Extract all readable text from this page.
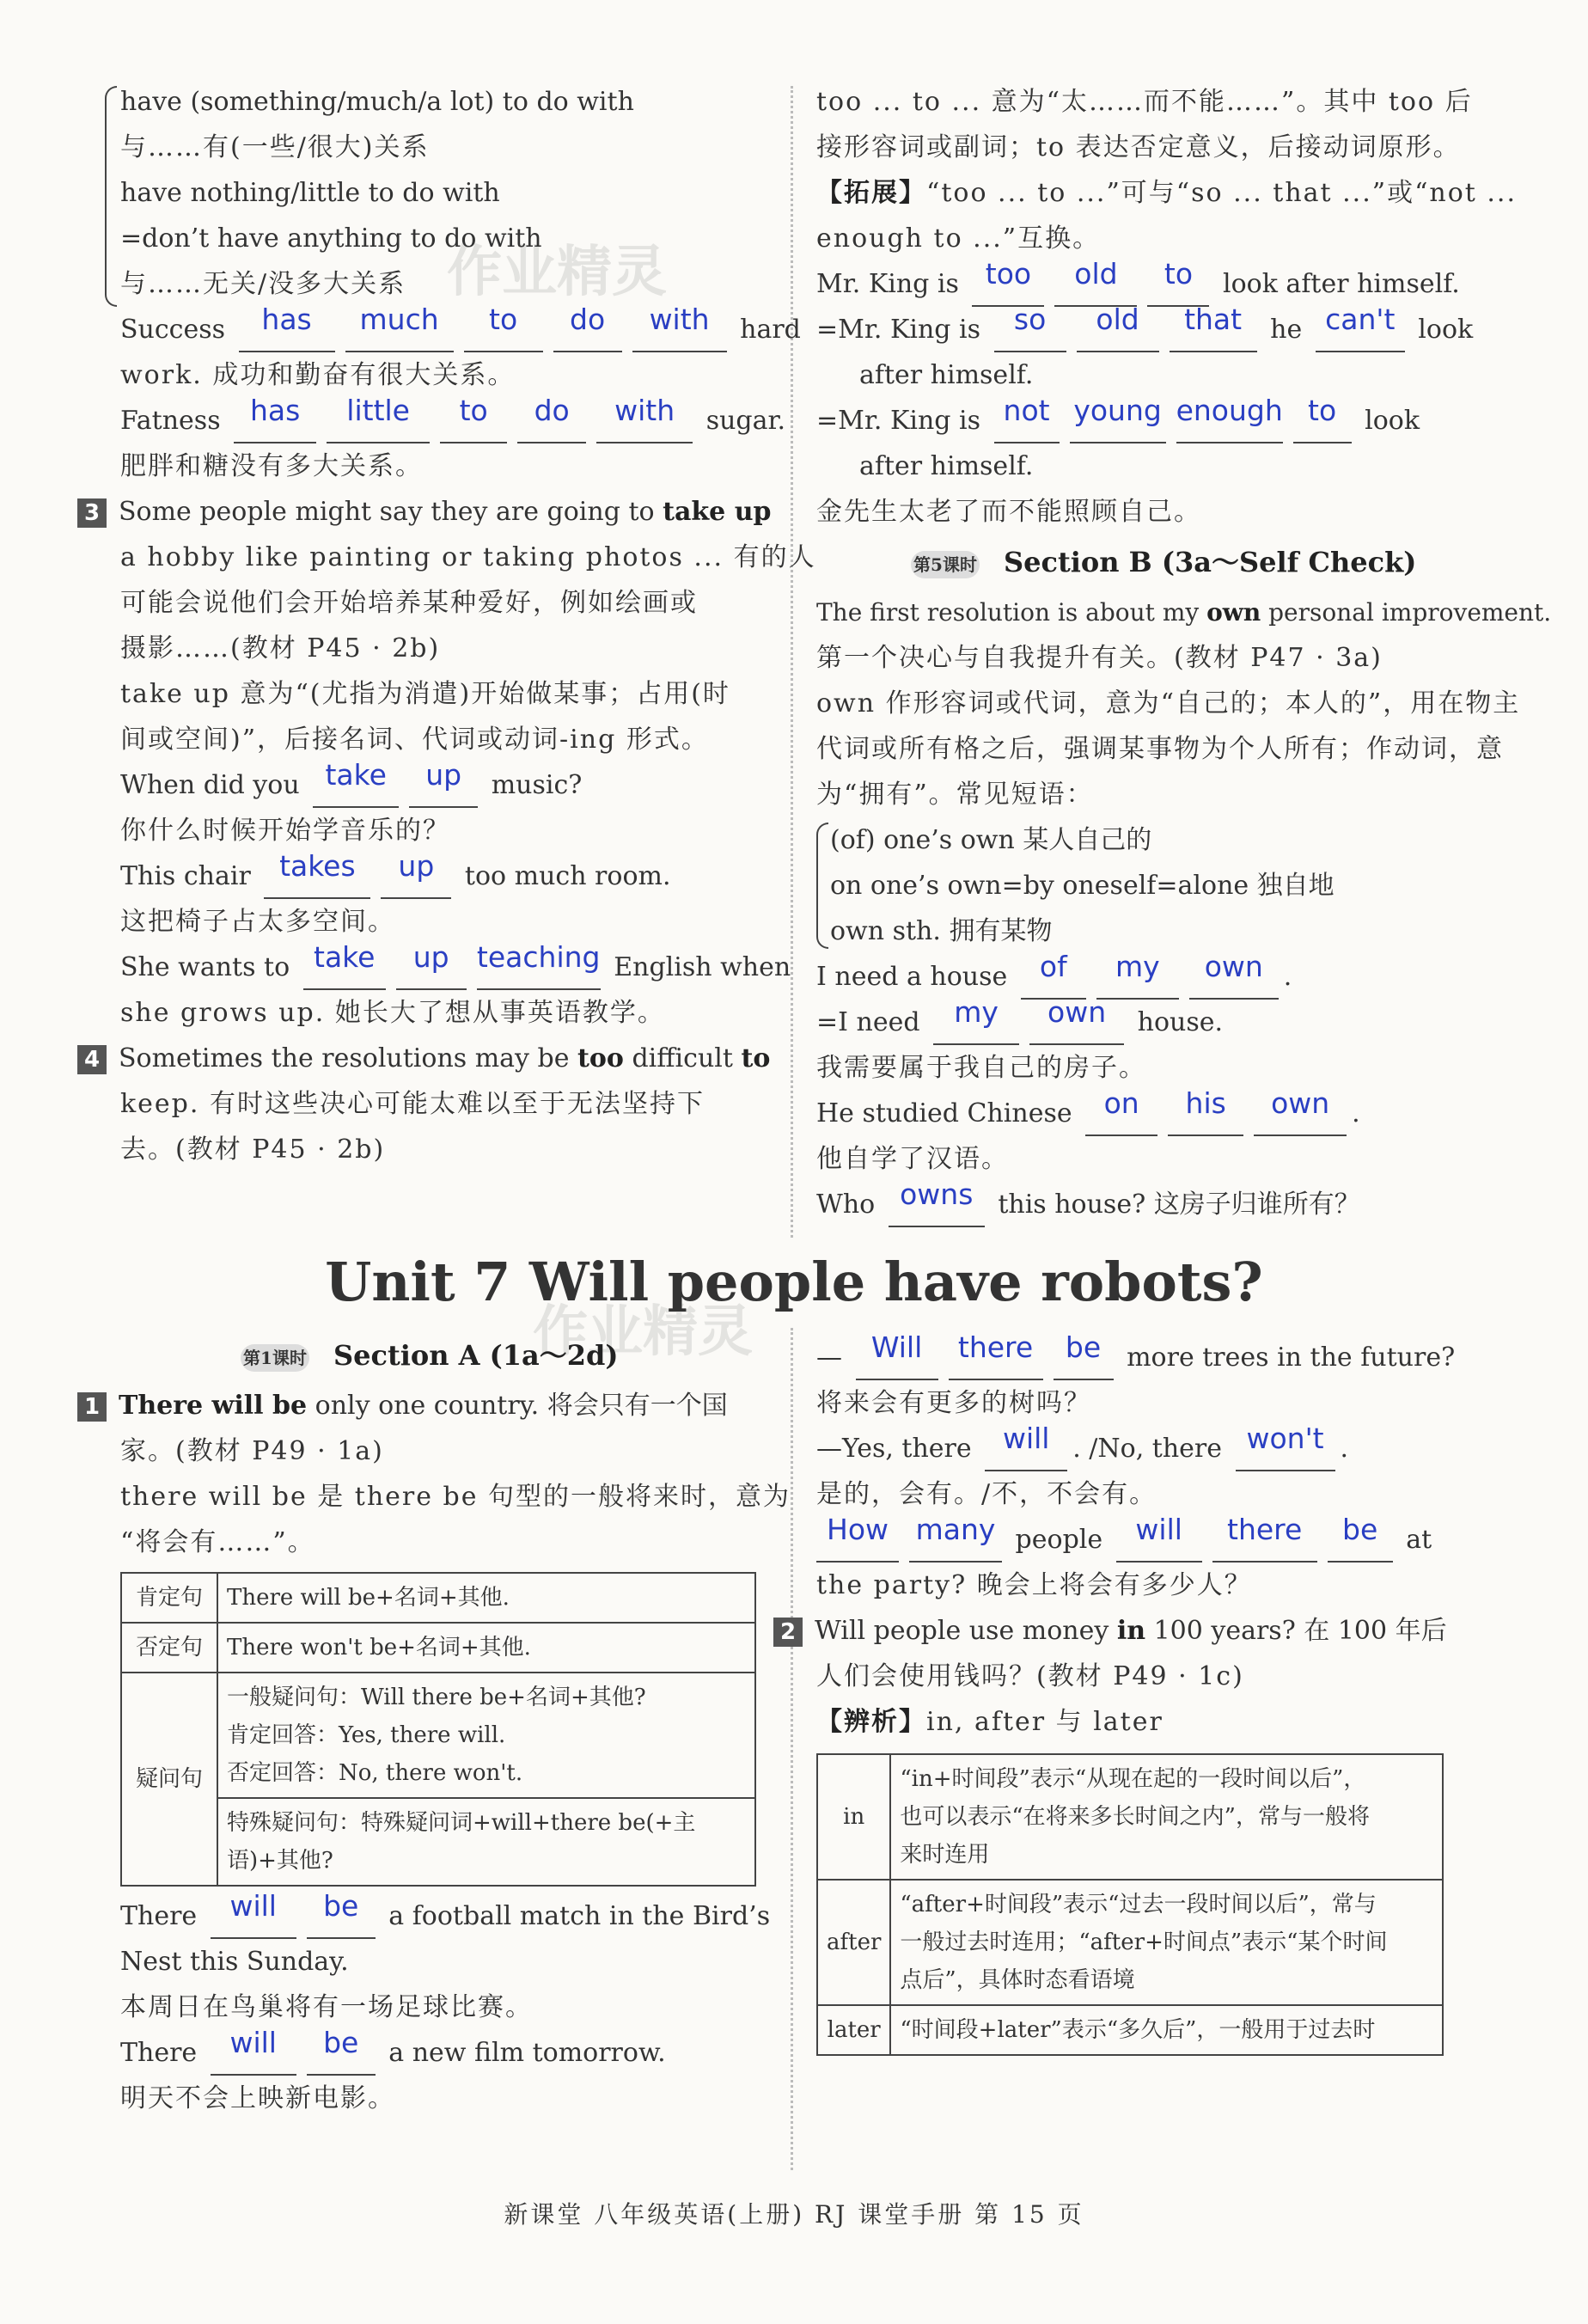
作业精灵
作业精灵
have (something/much/a lot) to do with
与……有(一些/很大)关系
have nothing/little to do with
=don’t have anything to do with
与……无关/没多大关系
Success	has	much	to	do	with	hard
work. 成功和勤奋有很大关系。
Fatness	has	little	to	do	with	sugar.
肥胖和糖没有多大关系。
3 Some people might say they are going to take up
a hobby like painting or taking photos ... 有的人
可能会说他们会开始培养某种爱好，例如绘画或
摄影……(教材 P45 · 2b)
take up 意为“(尤指为消遣)开始做某事；占用(时
间或空间)”，后接名词、代词或动词-ing 形式。
When did you take	up	music?
你什么时候开始学音乐的？
This chair	takes	up	too much room.
这把椅子占太多空间。
She wants to take	up teaching English when
she grows up. 她长大了想从事英语教学。
4 Sometimes the resolutions may be too difficult to
keep. 有时这些决心可能太难以至于无法坚持下
去。(教材 P45 · 2b)
too ... to ... 意为“太……而不能……”。其中 too 后
接形容词或副词；to 表达否定意义，后接动词原形。
【拓展】“too ... to ...”可与“so ... that ...”或“not ...
enough to ...”互换。
Mr. King is too	old	to	look after himself.
=Mr. King is	so	old	that	he can't look
after himself.
=Mr. King is not young enough to	look
after himself.
金先生太老了而不能照顾自己。
第5课时 Section B (3a～Self Check)
The first resolution is about my own personal improvement.
第一个决心与自我提升有关。(教材 P47 · 3a)
own 作形容词或代词，意为“自己的；本人的”，用在物主
代词或所有格之后，强调某事物为个人所有；作动词，意
为“拥有”。常见短语：
(of) one’s own 某人自己的
on one’s own=by oneself=alone 独自地
own sth. 拥有某物
I need a house	of	my	own .
=I need	my	own	house.
我需要属于我自己的房子。
He studied Chinese	on	his	own .
他自学了汉语。
Who owns this house? 这房子归谁所有？
Unit 7 Will people have robots?
第1课时 Section A (1a～2d)
1 There will be only one country. 将会只有一个国
家。(教材 P49 · 1a)
there will be 是 there be 句型的一般将来时，意为
“将会有……”。
肯定句	There will be+名词+其他.
否定句	There won't be+名词+其他.
疑问句	一般疑问句：Will there be+名词+其他?
肯定回答：Yes, there will.
否定回答：No, there won't.

	特殊疑问句：特殊疑问词+will+there be(+主语)+其他?
There	will	be	a football match in the Bird’s
Nest this Sunday.
本周日在鸟巢将有一场足球比赛。
There	will	be	a new film tomorrow.
明天不会上映新电影。
—	Will	there	be more trees in the future?
将来会有更多的树吗？
—Yes, there	will . /No, there won't .
是的，会有。/不，不会有。
How many people	will	there	be	at
the party? 晚会上将会有多少人？
2 Will people use money in 100 years? 在 100 年后
人们会使用钱吗？(教材 P49 · 1c)
【辨析】in, after 与 later
in	“in+时间段”表示“从现在起的一段时间以后”，
也可以表示“在将来多长时间之内”，常与一般将
来时连用

after	“after+时间段”表示“过去一段时间以后”，常与
一般过去时连用；“after+时间点”表示“某个时间
点后”，具体时态看语境

later	“时间段+later”表示“多久后”，一般用于过去时
新课堂 八年级英语(上册) RJ 课堂手册 第 15 页
